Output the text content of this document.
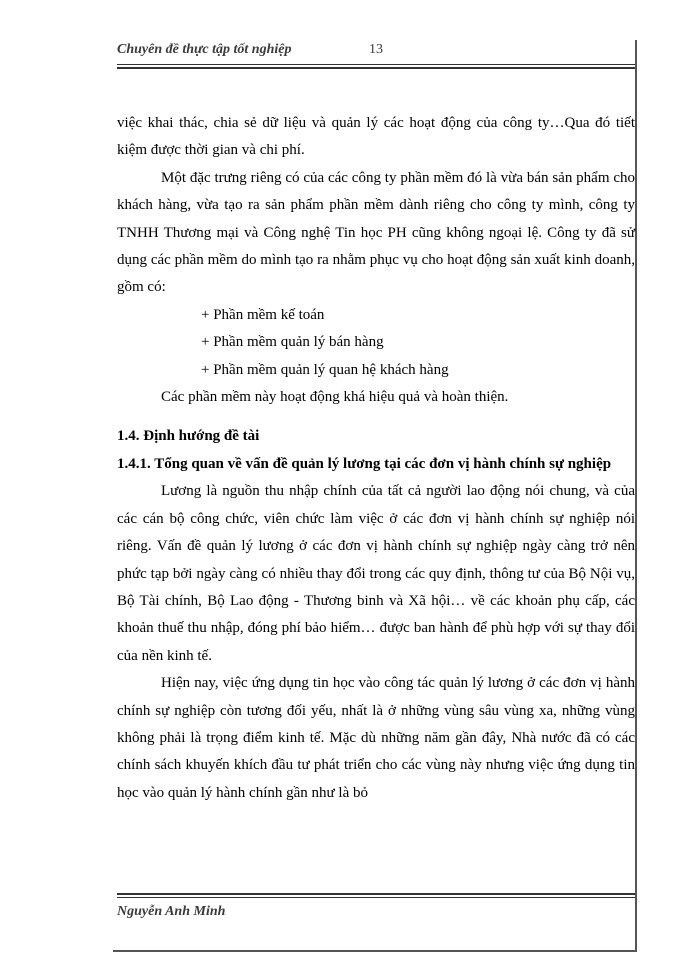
Chuyên đề thực tập tốt nghiệp	13

việc khai thác, chia sẻ dữ liệu và quản lý các hoạt động của công ty…Qua đó tiết kiệm được thời gian và chi phí.

Một đặc trưng riêng có của các công ty phần mềm đó là vừa bán sản phẩm cho khách hàng, vừa tạo ra sản phẩm phần mềm dành riêng cho công ty mình, công ty TNHH Thương mại và Công nghệ Tin học PH cũng không ngoại lệ. Công ty đã sử dụng các phần mềm do mình tạo ra nhằm phục vụ cho hoạt động sản xuất kinh doanh, gồm có:

+ Phần mềm kế toán

+ Phần mềm quản lý bán hàng

+ Phần mềm quản lý quan hệ khách hàng

Các phần mềm này hoạt động khá hiệu quả và hoàn thiện.

1.4. Định hướng đề tài

1.4.1. Tổng quan về vấn đề quản lý lương tại các đơn vị hành chính sự nghiệp

Lương là nguồn thu nhập chính của tất cả người lao động nói chung, và của các cán bộ công chức, viên chức làm việc ở các đơn vị hành chính sự nghiệp nói riêng. Vấn đề quản lý lương ở các đơn vị hành chính sự nghiệp ngày càng trở nên phức tạp bởi ngày càng có nhiều thay đổi trong các quy định, thông tư của Bộ Nội vụ, Bộ Tài chính, Bộ Lao động - Thương binh và Xã hội… về các khoản phụ cấp, các khoản thuế thu nhập, đóng phí bảo hiểm… được ban hành để phù hợp với sự thay đổi của nền kinh tế.

Hiện nay, việc ứng dụng tin học vào công tác quản lý lương ở các đơn vị hành chính sự nghiệp còn tương đối yếu, nhất là ở những vùng sâu vùng xa, những vùng không phải là trọng điểm kinh tế. Mặc dù những năm gần đây, Nhà nước đã có các chính sách khuyến khích đầu tư phát triển cho các vùng này nhưng việc ứng dụng tin học vào quản lý hành chính gần như là bỏ

Nguyễn Anh Minh
